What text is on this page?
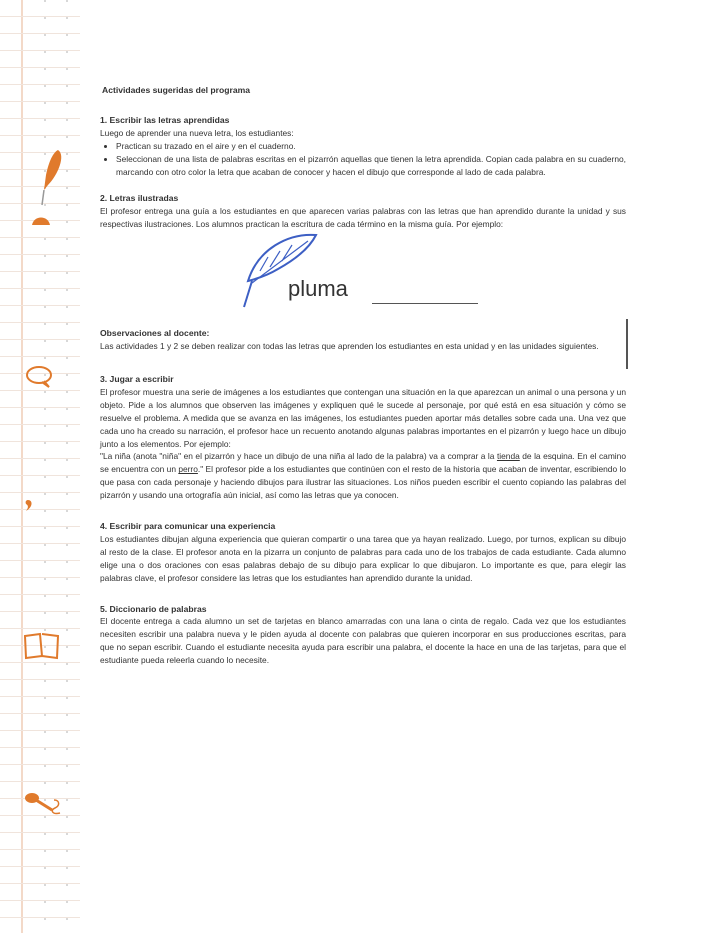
Actividades sugeridas del programa
1. Escribir las letras aprendidas

Luego de aprender una nueva letra, los estudiantes:

• Practican su trazado en el aire y en el cuaderno.
• Seleccionan de una lista de palabras escritas en el pizarrón aquellas que tienen la letra aprendida. Copian cada palabra en su cuaderno, marcando con otro color la letra que acaban de conocer y hacen el dibujo que corresponde al lado de cada palabra.
2. Letras ilustradas

El profesor entrega una guía a los estudiantes en que aparecen varias palabras con las letras que han aprendido durante la unidad y sus respectivas ilustraciones. Los alumnos practican la escritura de cada término en la misma guía. Por ejemplo:

pluma
Observaciones al docente:

Las actividades 1 y 2 se deben realizar con todas las letras que aprenden los estudiantes en esta unidad y en las unidades siguientes.

3. Jugar a escribir

El profesor muestra una serie de imágenes a los estudiantes que contengan una situación en la que aparezcan un animal o una persona y un objeto. Pide a los alumnos que observen las imágenes y expliquen qué le sucede al personaje, por qué está en esa situación y cómo se resuelve el problema. A medida que se avanza en las imágenes, los estudiantes pueden aportar más detalles sobre cada una. Una vez que cada uno ha creado su narración, el profesor hace un recuento anotando algunas palabras importantes en el pizarrón y luego hace un dibujo junto a los elementos. Por ejemplo:

"La niña (anota "niña" en el pizarrón y hace un dibujo de una niña al lado de la palabra) va a comprar a la tienda de la esquina. En el camino se encuentra con un perro." El profesor pide a los estudiantes que continúen con el resto de la historia que acaban de inventar, escribiendo lo que pasa con cada personaje y haciendo dibujos para ilustrar las situaciones. Los niños pueden escribir el cuento copiando las palabras del pizarrón y usando una ortografía aún inicial, así como las letras que ya conocen.

4. Escribir para comunicar una experiencia

Los estudiantes dibujan alguna experiencia que quieran compartir o una tarea que ya hayan realizado. Luego, por turnos, explican su dibujo al resto de la clase. El profesor anota en la pizarra un conjunto de palabras para cada uno de los trabajos de cada estudiante. Cada alumno elige una o dos oraciones con esas palabras debajo de su dibujo para explicar lo que dibujaron. Lo importante es que, para elegir las palabras clave, el profesor considere las letras que los estudiantes han aprendido durante la unidad.

5. Diccionario de palabras

El docente entrega a cada alumno un set de tarjetas en blanco amarradas con una lana o cinta de regalo. Cada vez que los estudiantes necesiten escribir una palabra nueva y le piden ayuda al docente con palabras que quieren incorporar en sus producciones escritas, para que no sepan escribir. Cuando el estudiante necesita ayuda para escribir una palabra, el docente la hace en una de las tarjetas, para que el estudiante pueda releerla cuando lo necesite.
